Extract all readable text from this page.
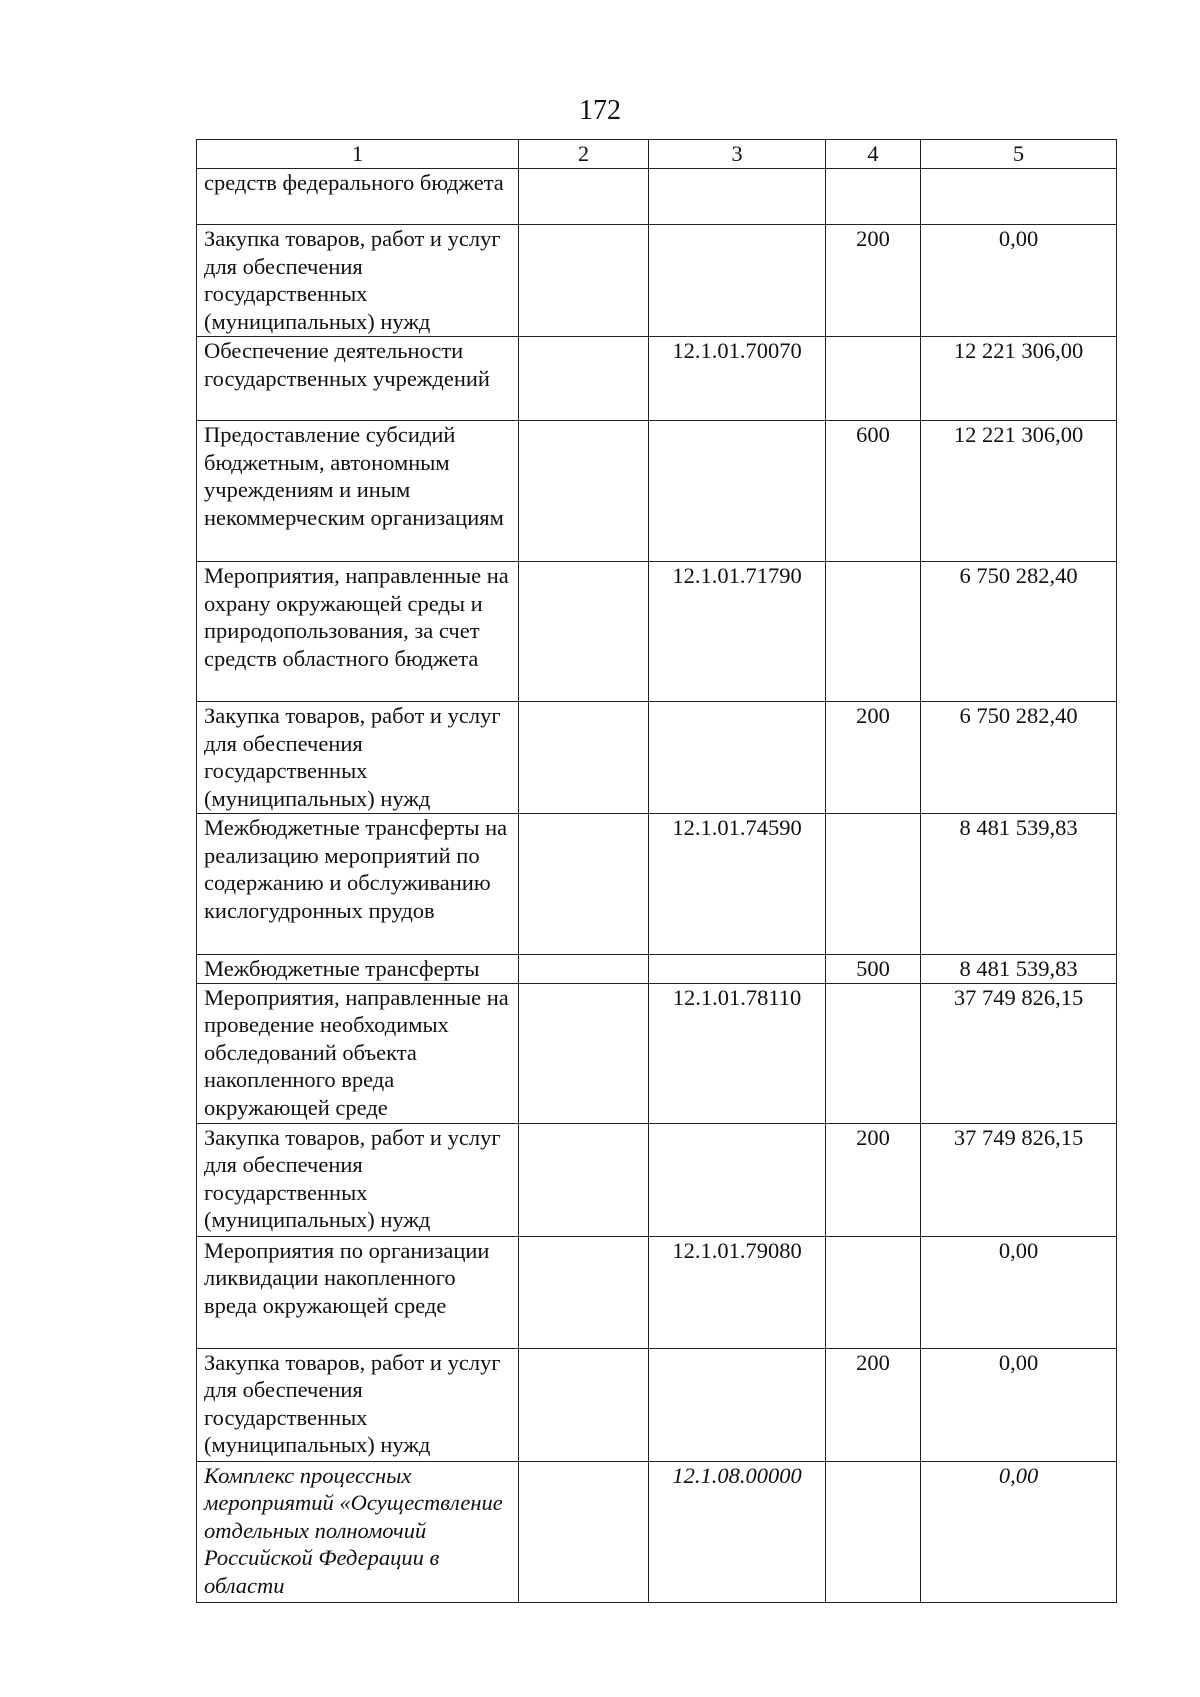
172
1	2	3	4	5
средств федерального бюджета				
Закупка товаров, работ и услуг для обеспечения государственных (муниципальных) нужд			200	0,00
Обеспечение деятельности государственных учреждений		12.1.01.70070		12 221 306,00
Предоставление субсидий бюджетным, автономным учреждениям и иным некоммерческим организациям			600	12 221 306,00
Мероприятия, направленные на охрану окружающей среды и природопользования, за счет средств областного бюджета		12.1.01.71790		6 750 282,40
Закупка товаров, работ и услуг для обеспечения государственных (муниципальных) нужд			200	6 750 282,40
Межбюджетные трансферты на реализацию мероприятий по содержанию и обслуживанию кислогудронных прудов		12.1.01.74590		8 481 539,83
Межбюджетные трансферты			500	8 481 539,83
Мероприятия, направленные на проведение необходимых обследований объекта накопленного вреда окружающей среде		12.1.01.78110		37 749 826,15
Закупка товаров, работ и услуг для обеспечения государственных (муниципальных) нужд			200	37 749 826,15
Мероприятия по организации ликвидации накопленного вреда окружающей среде		12.1.01.79080		0,00
Закупка товаров, работ и услуг для обеспечения государственных (муниципальных) нужд			200	0,00
Комплекс процессных мероприятий «Осуществление отдельных полномочий Российской Федерации в области		12.1.08.00000		0,00
